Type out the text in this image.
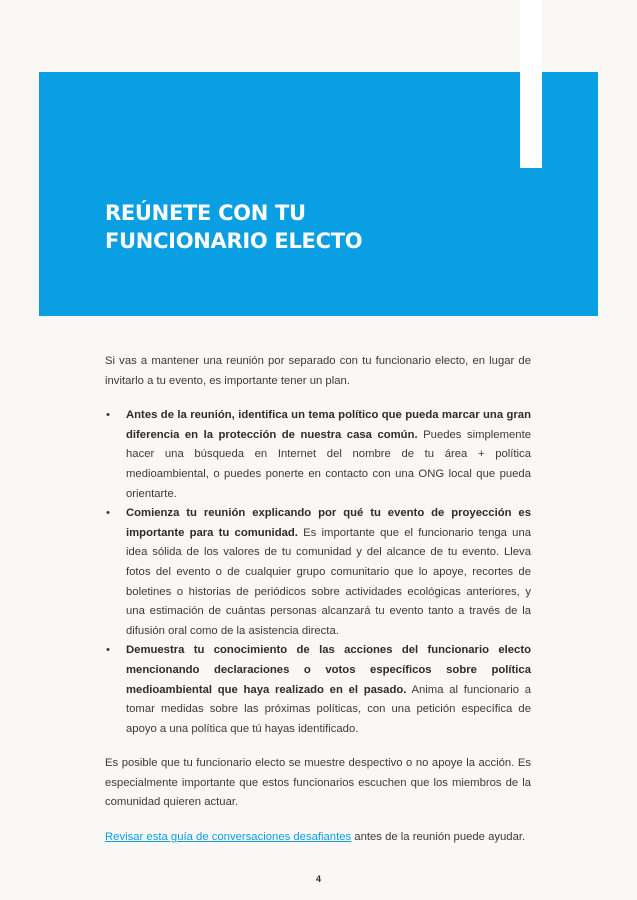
REÚNETE CON TU
FUNCIONARIO ELECTO

Si vas a mantener una reunión por separado con tu funcionario electo, en lugar de invitarlo a tu evento, es importante tener un plan.

• Antes de la reunión, identifica un tema político que pueda marcar una gran diferencia en la protección de nuestra casa común. Puedes simplemente hacer una búsqueda en Internet del nombre de tu área + política medioambiental, o puedes ponerte en contacto con una ONG local que pueda orientarte.
• Comienza tu reunión explicando por qué tu evento de proyección es importante para tu comunidad. Es importante que el funcionario tenga una idea sólida de los valores de tu comunidad y del alcance de tu evento. Lleva fotos del evento o de cualquier grupo comunitario que lo apoye, recortes de boletines o historias de periódicos sobre actividades ecológicas anteriores, y una estimación de cuántas personas alcanzará tu evento tanto a través de la difusión oral como de la asistencia directa.
• Demuestra tu conocimiento de las acciones del funcionario electo mencionando declaraciones o votos específicos sobre política medioambiental que haya realizado en el pasado. Anima al funcionario a tomar medidas sobre las próximas políticas, con una petición específica de apoyo a una política que tú hayas identificado.

Es posible que tu funcionario electo se muestre despectivo o no apoye la acción. Es especialmente importante que estos funcionarios escuchen que los miembros de la comunidad quieren actuar.

Revisar esta guía de conversaciones desafiantes antes de la reunión puede ayudar.

4
